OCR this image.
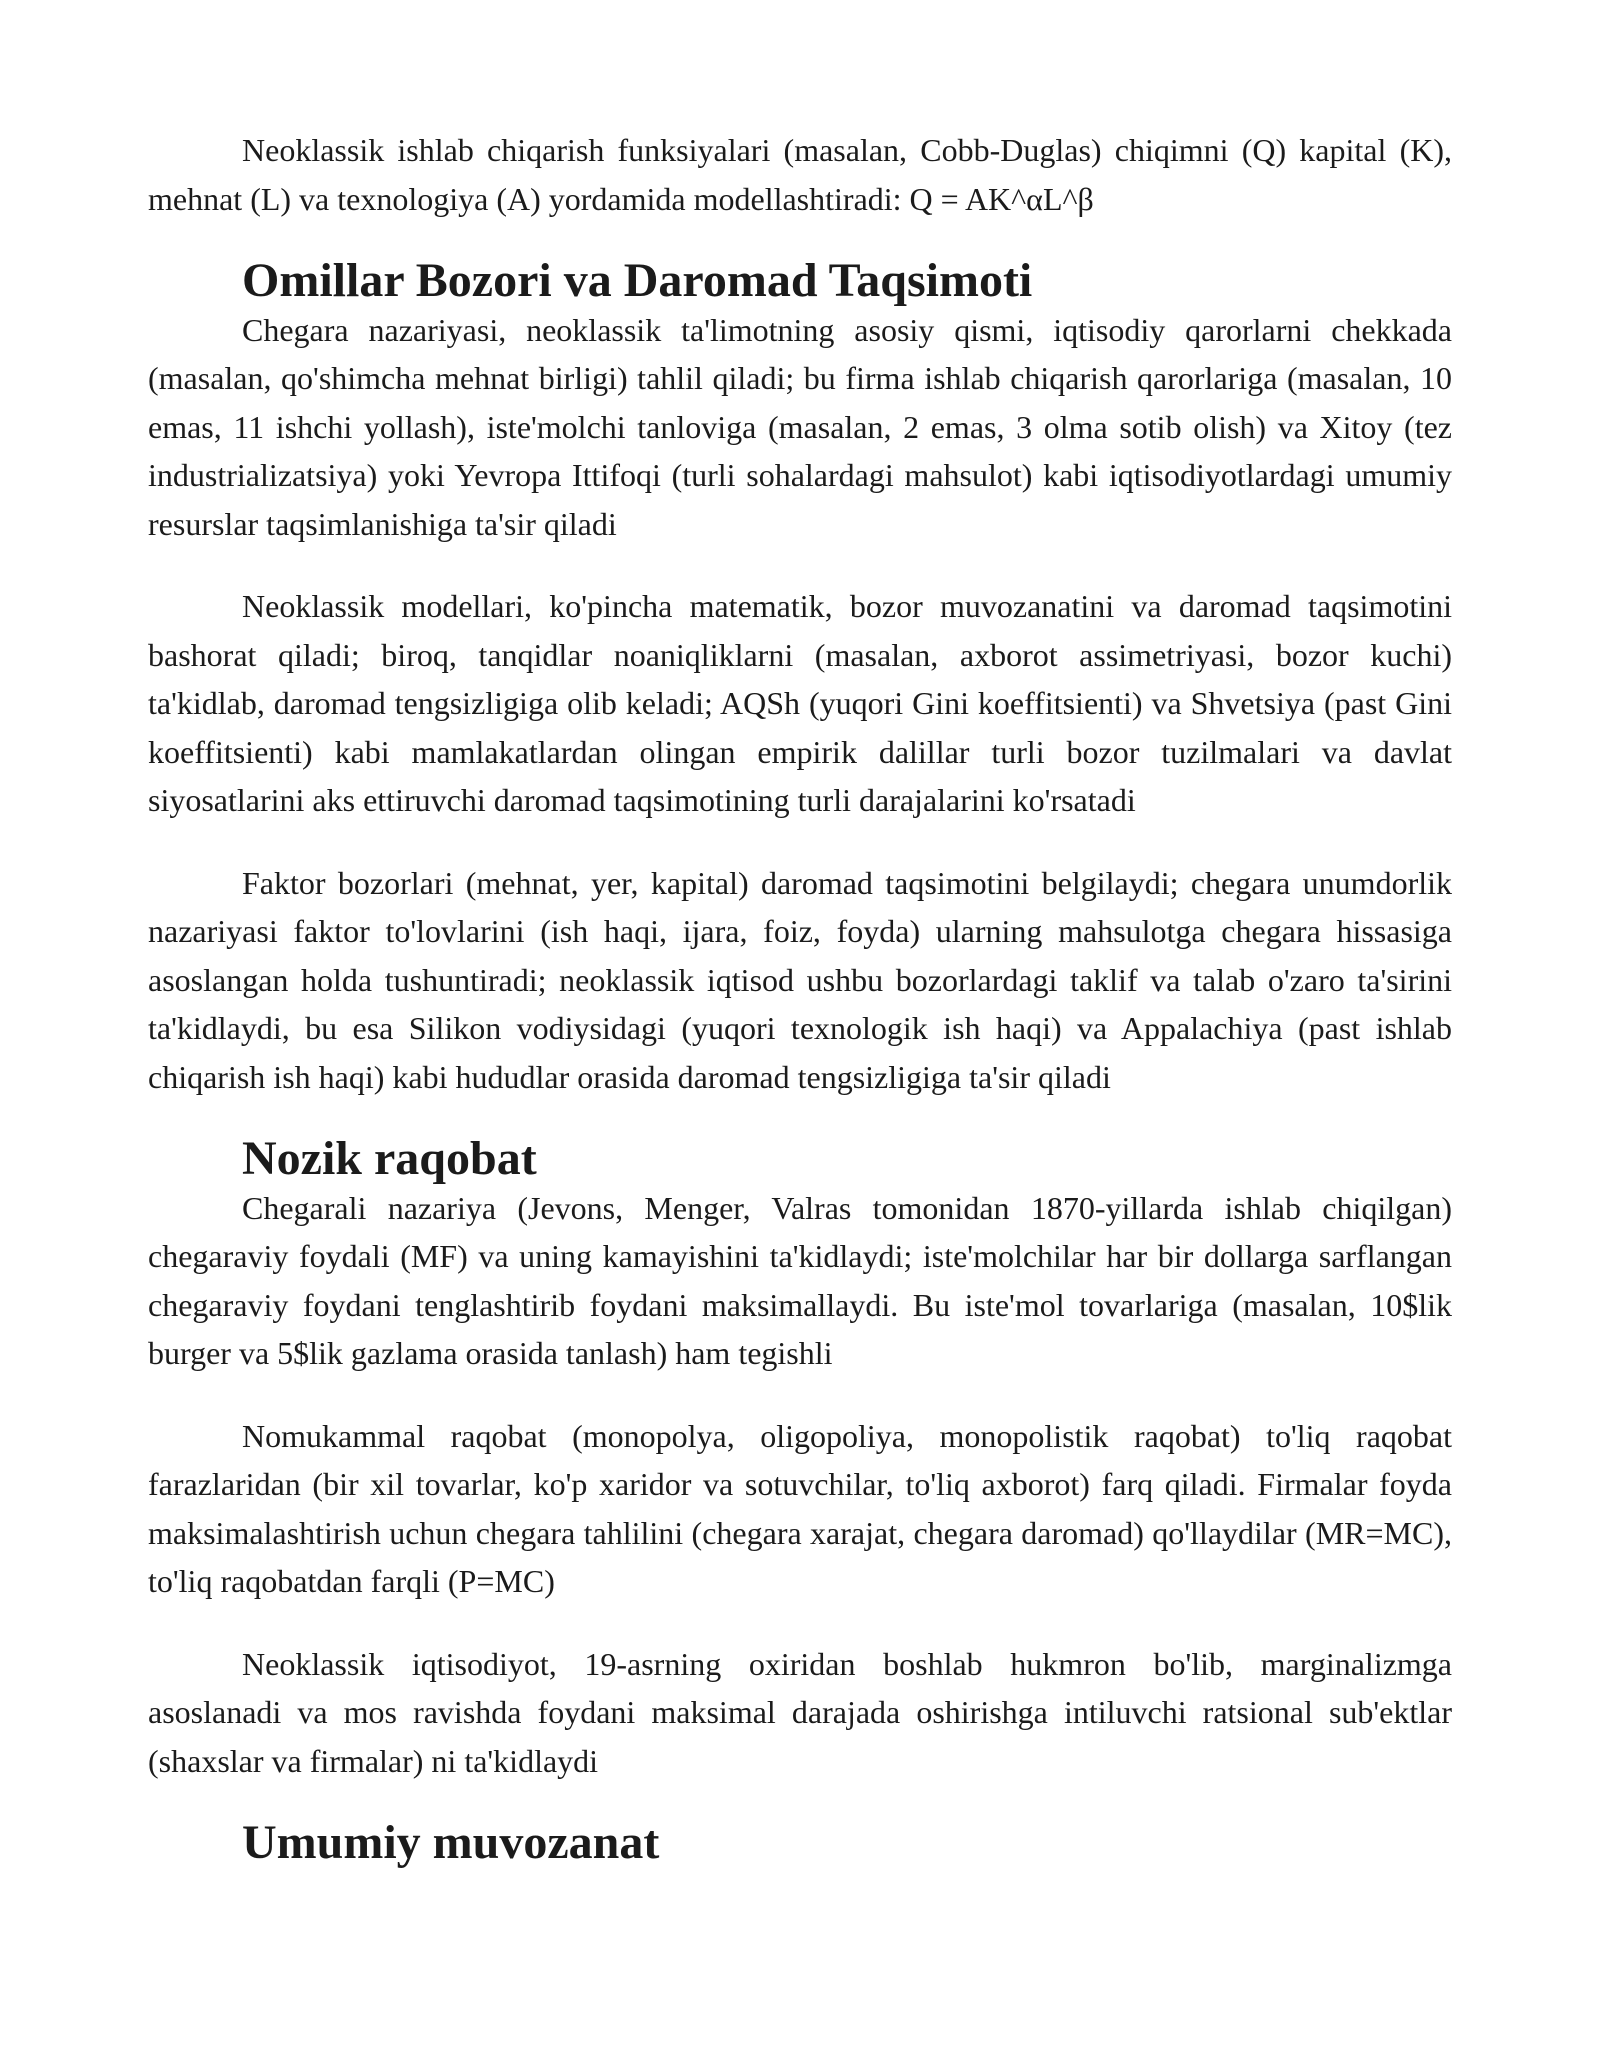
Neoklassik ishlab chiqarish funksiyalari (masalan, Cobb-Duglas) chiqimni (Q) kapital (K), mehnat (L) va texnologiya (A) yordamida modellashtiradi: Q = AK^αL^β

Omillar Bozori va Daromad Taqsimoti

Chegara nazariyasi, neoklassik ta'limotning asosiy qismi, iqtisodiy qarorlarni chekkada (masalan, qo'shimcha mehnat birligi) tahlil qiladi; bu firma ishlab chiqarish qarorlariga (masalan, 10 emas, 11 ishchi yollash), iste'molchi tanloviga (masalan, 2 emas, 3 olma sotib olish) va Xitoy (tez industrializatsiya) yoki Yevropa Ittifoqi (turli sohalardagi mahsulot) kabi iqtisodiyotlardagi umumiy resurslar taqsimlanishiga ta'sir qiladi

Neoklassik modellari, ko'pincha matematik, bozor muvozanatini va daromad taqsimotini bashorat qiladi; biroq, tanqidlar noaniqliklarni (masalan, axborot assimetriyasi, bozor kuchi) ta'kidlab, daromad tengsizligiga olib keladi; AQSh (yuqori Gini koeffitsienti) va Shvetsiya (past Gini koeffitsienti) kabi mamlakatlardan olingan empirik dalillar turli bozor tuzilmalari va davlat siyosatlarini aks ettiruvchi daromad taqsimotining turli darajalarini ko'rsatadi

Faktor bozorlari (mehnat, yer, kapital) daromad taqsimotini belgilaydi; chegara unumdorlik nazariyasi faktor to'lovlarini (ish haqi, ijara, foiz, foyda) ularning mahsulotga chegara hissasiga asoslangan holda tushuntiradi; neoklassik iqtisod ushbu bozorlardagi taklif va talab o'zaro ta'sirini ta'kidlaydi, bu esa Silikon vodiysidagi (yuqori texnologik ish haqi) va Appalachiya (past ishlab chiqarish ish haqi) kabi hududlar orasida daromad tengsizligiga ta'sir qiladi

Nozik raqobat

Chegarali nazariya (Jevons, Menger, Valras tomonidan 1870-yillarda ishlab chiqilgan) chegaraviy foydali (MF) va uning kamayishini ta'kidlaydi; iste'molchilar har bir dollarga sarflangan chegaraviy foydani tenglashtirib foydani maksimallaydi. Bu iste'mol tovarlariga (masalan, 10$lik burger va 5$lik gazlama orasida tanlash) ham tegishli

Nomukammal raqobat (monopolya, oligopoliya, monopolistik raqobat) to'liq raqobat farazlaridan (bir xil tovarlar, ko'p xaridor va sotuvchilar, to'liq axborot) farq qiladi. Firmalar foyda maksimalashtirish uchun chegara tahlilini (chegara xarajat, chegara daromad) qo'llaydilar (MR=MC), to'liq raqobatdan farqli (P=MC)

Neoklassik iqtisodiyot, 19-asrning oxiridan boshlab hukmron bo'lib, marginalizmga asoslanadi va mos ravishda foydani maksimal darajada oshirishga intiluvchi ratsional sub'ektlar (shaxslar va firmalar) ni ta'kidlaydi

Umumiy muvozanat
